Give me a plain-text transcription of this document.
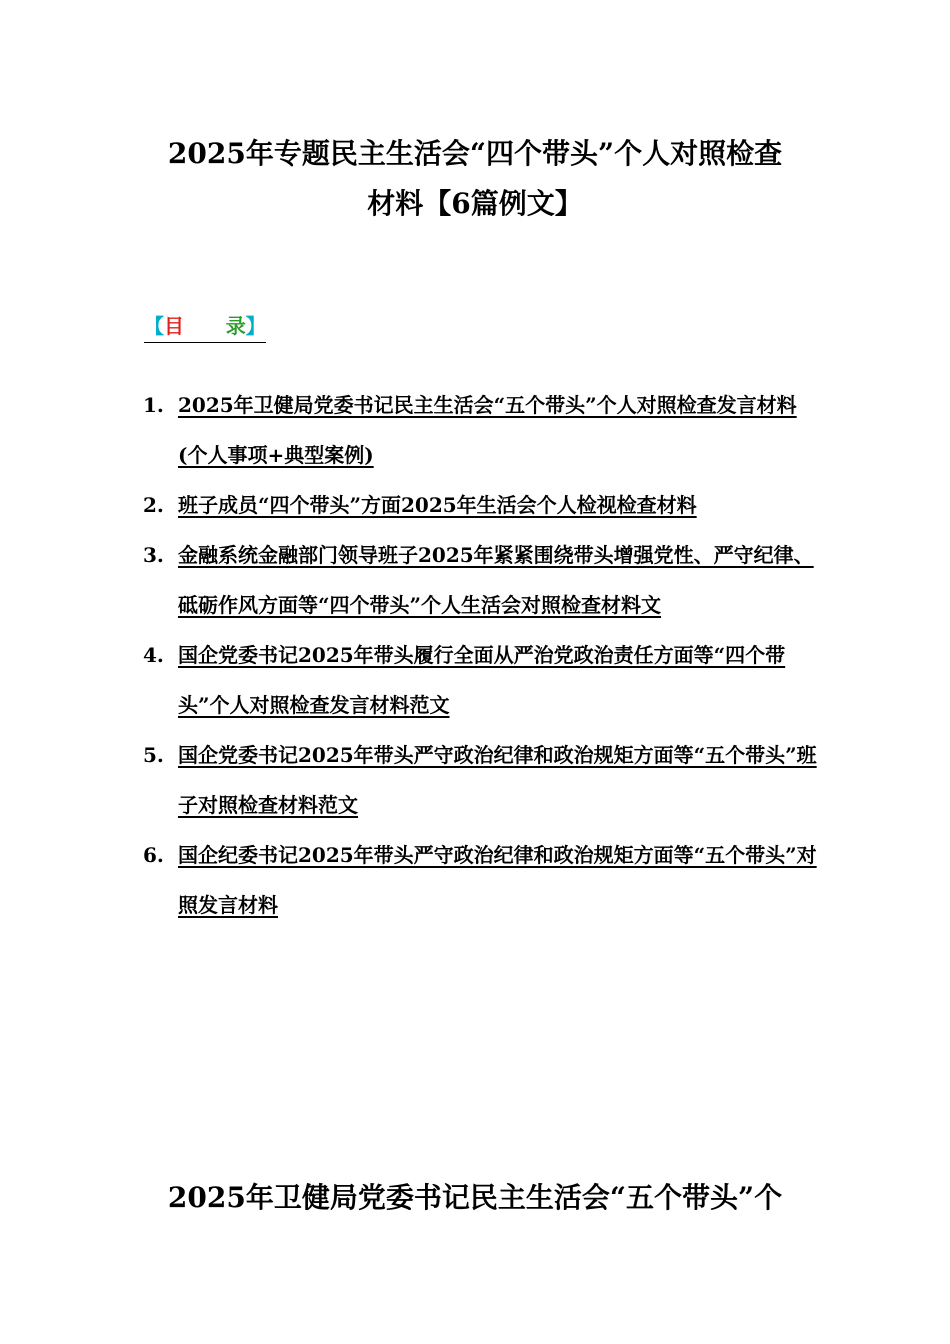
2025年专题民主生活会“四个带头”个人对照检查
材料【6篇例文】
【目 录】
1. 2025年卫健局党委书记民主生活会“五个带头”个人对照检查发言材料(个人事项+典型案例)
2. 班子成员“四个带头”方面2025年生活会个人检视检查材料
3. 金融系统金融部门领导班子2025年紧紧围绕带头增强党性、严守纪律、砥砺作风方面等“四个带头”个人生活会对照检查材料文
4. 国企党委书记2025年带头履行全面从严治党政治责任方面等“四个带头”个人对照检查发言材料范文
5. 国企党委书记2025年带头严守政治纪律和政治规矩方面等“五个带头”班子对照检查材料范文
6. 国企纪委书记2025年带头严守政治纪律和政治规矩方面等“五个带头”对照发言材料
2025年卫健局党委书记民主生活会“五个带头”个
